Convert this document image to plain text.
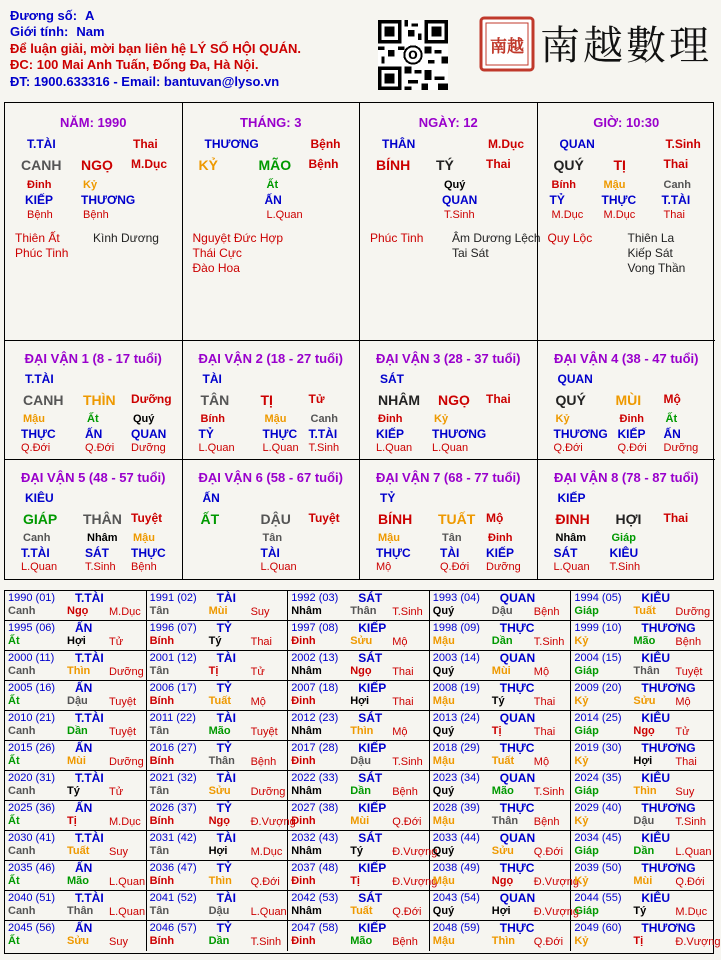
Đương số: A
Giới tính: Nam
Để luận giải, mời bạn liên hệ LÝ SỐ HỘI QUÁN.
ĐC: 100 Mai Anh Tuấn, Đống Đa, Hà Nội.
ĐT: 1900.633316 - Email: bantuvan@lyso.vn
O	南越 南越數理
NĂM: 1990
T.TÀI	Thai
CANH NGỌ M.Dục
Đinh
KIẾP
Bệnh
Kỷ
THƯƠNG
Bệnh
Thiên Ất
Phúc Tinh
Kình Dương
THÁNG: 3
THƯƠNG	Bệnh
KỶ	MÃO Bệnh
Ất
ẤN
L.Quan
Nguyệt Đức Hợp
Thái Cực
Đào Hoa
NGÀY: 12
THÂN	M.Dục
BÍNH TÝ	Thai
Quý
QUAN
T.Sinh
Phúc Tinh Âm Dương Lệch
Tai Sát
GIỜ: 10:30
QUAN	T.Sinh
QUÝ TỊ	Thai
Bính
TỶ
M.Dục
Mậu
THỰC
M.Dục
Canh
T.TÀI
Thai
Quy Lộc	Thiên La
Kiếp Sát
Vong Thần
ĐẠI VẬN 1 (8 - 17 tuổi)
T.TÀI
CANH THÌN Dưỡng
Mậu
THỰC
Q.Đới
Ất
ẤN
Q.Đới
Quý
QUAN
Dưỡng
ĐẠI VẬN 2 (18 - 27 tuổi)
TÀI
TÂN TỊ	Tử
Bính
TỶ
L.Quan
Mậu
THỰC
L.Quan
Canh
T.TÀI
T.Sinh
ĐẠI VẬN 3 (28 - 37 tuổi)
SÁT
NHÂM NGỌ Thai
Đinh
KIẾP
L.Quan
Kỷ
THƯƠNG
L.Quan
ĐẠI VẬN 4 (38 - 47 tuổi)
QUAN
QUÝ MÙI Mộ
Kỷ
THƯƠNG
Q.Đới
Đinh
KIẾP
Q.Đới
Ất
ẤN
Dưỡng
ĐẠI VẬN 5 (48 - 57 tuổi)
KIÊU
GIÁP THÂN Tuyệt
Canh
T.TÀI
L.Quan
Nhâm
SÁT
T.Sinh
Mậu
THỰC
Bệnh
ĐẠI VẬN 6 (58 - 67 tuổi)
ẤN
ẤT	DẬU Tuyệt
Tân
TÀI
L.Quan
ĐẠI VẬN 7 (68 - 77 tuổi)
TỶ
BÍNH TUẤT Mộ
Mậu
THỰC
Mộ
Tân
TÀI
Q.Đới
Đinh
KIẾP
Dưỡng
ĐẠI VẬN 8 (78 - 87 tuổi)
KIẾP
ĐINH HỢI Thai
Nhâm
SÁT
L.Quan
Giáp
KIÊU
T.Sinh
1990 (01) T.TÀI
Canh	Ngọ M.Dục
1991 (02) TÀI
Tân	Mùi Suy
1992 (03) SÁT
Nhâm	Thân T.Sinh
1993 (04) QUAN
Quý	Dậu Bệnh
1994 (05) KIÊU
Giáp	Tuất Dưỡng
1995 (06) ẤN
Ất	Hợi Tử
1996 (07) TỶ
Bính	Tý	Thai
1997 (08) KIẾP
Đinh	Sửu Mộ
1998 (09) THỰC
Mậu	Dần T.Sinh
1999 (10) THƯƠNG
Kỷ	Mão Bệnh
2000 (11) T.TÀI
Canh	Thìn Dưỡng
2001 (12) TÀI
Tân	Tị	Tử
2002 (13) SÁT
Nhâm	Ngọ Thai
2003 (14) QUAN
Quý	Mùi Mộ
2004 (15) KIÊU
Giáp	Thân Tuyệt
2005 (16) ẤN
Ất	Dậu Tuyệt
2006 (17) TỶ
Bính	Tuất Mộ
2007 (18) KIẾP
Đinh	Hợi Thai
2008 (19) THỰC
Mậu	Tý	Thai
2009 (20) THƯƠNG
Kỷ	Sửu Mộ
2010 (21) T.TÀI
Canh	Dần Tuyệt
2011 (22) TÀI
Tân	Mão Tuyệt
2012 (23) SÁT
Nhâm	Thìn Mộ
2013 (24) QUAN
Quý	Tị	Thai
2014 (25) KIÊU
Giáp	Ngọ Tử
2015 (26) ẤN
Ất	Mùi Dưỡng
2016 (27) TỶ
Bính	Thân Bệnh
2017 (28) KIẾP
Đinh	Dậu T.Sinh
2018 (29) THỰC
Mậu	Tuất Mộ
2019 (30) THƯƠNG
Kỷ	Hợi Thai
2020 (31) T.TÀI
Canh	Tý	Tử
2021 (32) TÀI
Tân	Sửu Dưỡng
2022 (33) SÁT
Nhâm	Dần Bệnh
2023 (34) QUAN
Quý	Mão T.Sinh
2024 (35) KIÊU
Giáp	Thìn Suy
2025 (36) ẤN
Ất	Tị	M.Dục
2026 (37) TỶ
Bính	Ngọ Đ.Vượng
2027 (38) KIẾP
Đinh	Mùi Q.Đới
2028 (39) THỰC
Mậu	Thân Bệnh
2029 (40) THƯƠNG
Kỷ	Dậu T.Sinh
2030 (41) T.TÀI
Canh	Tuất Suy
2031 (42) TÀI
Tân	Hợi M.Dục
2032 (43) SÁT
Nhâm	Tý	Đ.Vượng
2033 (44) QUAN
Quý	Sửu Q.Đới
2034 (45) KIÊU
Giáp	Dần L.Quan
2035 (46) ẤN
Ất	Mão L.Quan
2036 (47) TỶ
Bính	Thìn Q.Đới
2037 (48) KIẾP
Đinh	Tị	Đ.Vượng
2038 (49) THỰC
Mậu	Ngọ Đ.Vượng
2039 (50) THƯƠNG
Kỷ	Mùi Q.Đới
2040 (51) T.TÀI
Canh	Thân L.Quan
2041 (52) TÀI
Tân	Dậu L.Quan
2042 (53) SÁT
Nhâm	Tuất Q.Đới
2043 (54) QUAN
Quý	Hợi Đ.Vượng
2044 (55) KIÊU
Giáp	Tý	M.Dục
2045 (56) ẤN
Ất	Sửu Suy
2046 (57) TỶ
Bính	Dần T.Sinh
2047 (58) KIẾP
Đinh	Mão Bệnh
2048 (59) THỰC
Mậu	Thìn Q.Đới
2049 (60) THƯƠNG
Kỷ	Tị	Đ.Vượng
